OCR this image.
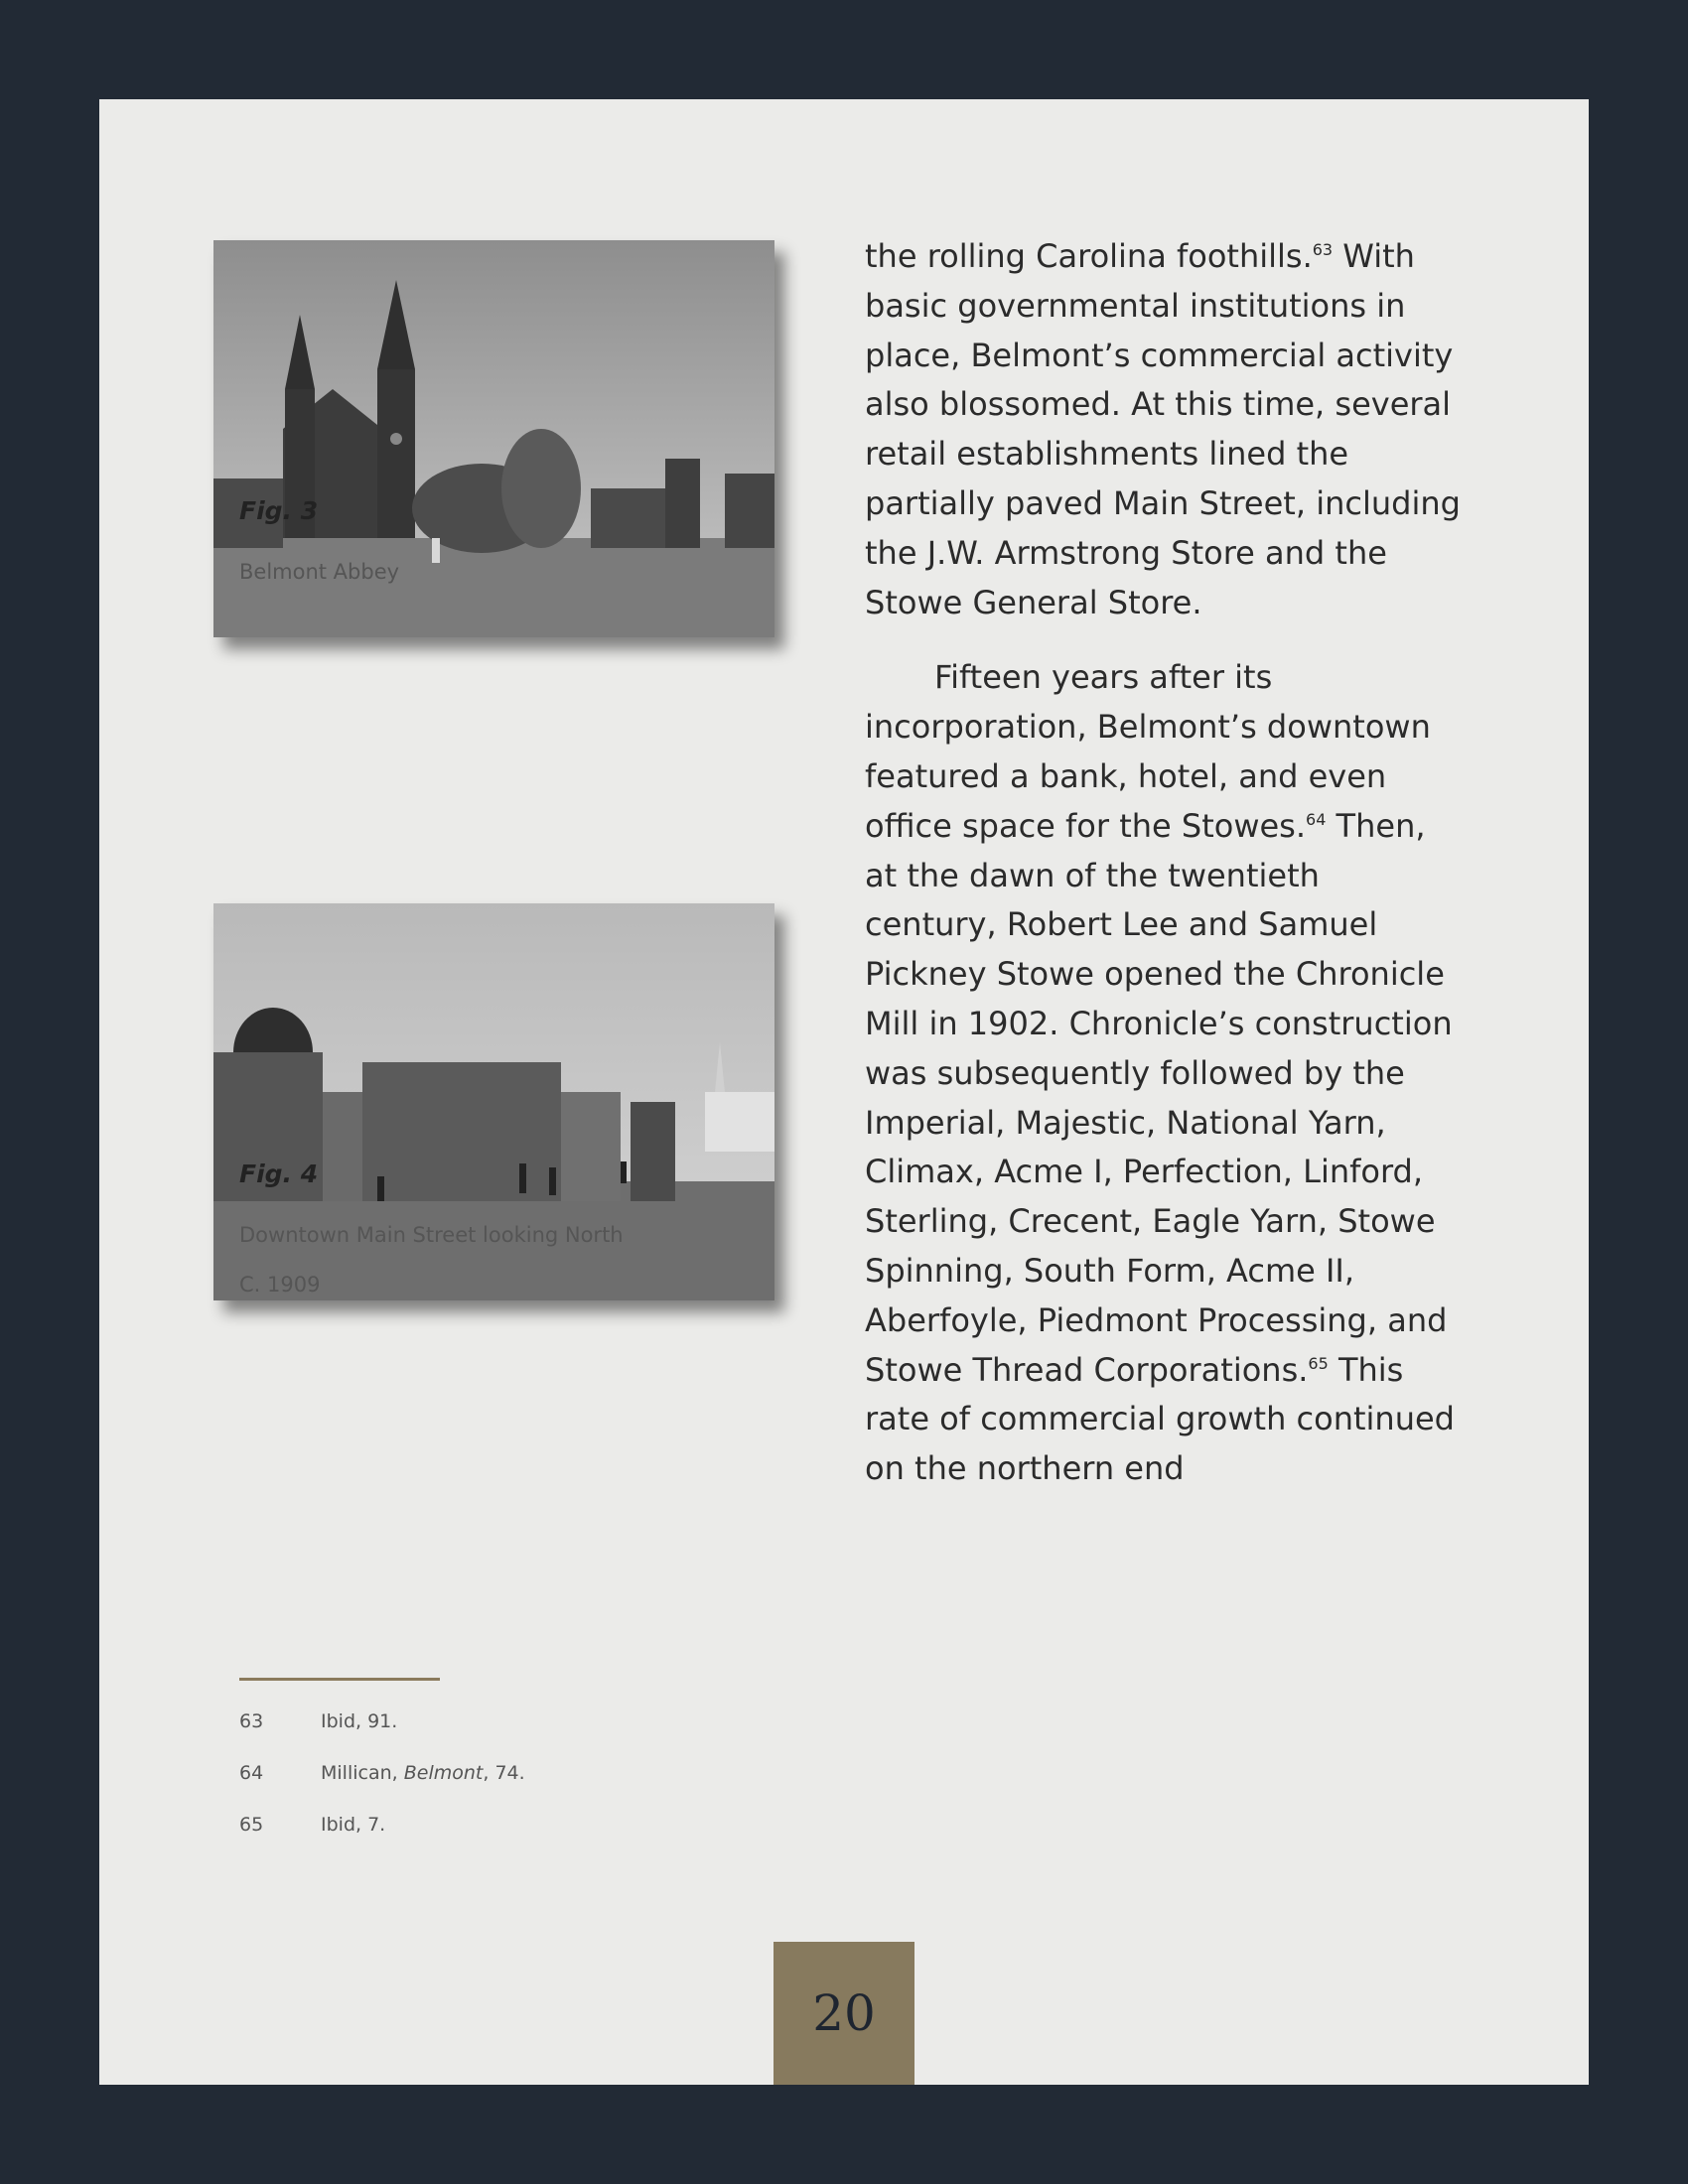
Fig. 3

Belmont Abbey

Fig. 4

Downtown Main Street looking North

C. 1909

the rolling Carolina foothills.$^{63}$ With basic governmental institutions in place, Belmont’s commercial activity also blossomed. At this time, several retail establishments lined the partially paved Main Street, including the J.W. Armstrong Store and the Stowe General Store.

Fifteen years after its incorporation, Belmont’s downtown featured a bank, hotel, and even office space for the Stowes.$^{64}$ Then, at the dawn of the twentieth century, Robert Lee and Samuel Pickney Stowe opened the Chronicle Mill in 1902. Chronicle’s construction was subsequently followed by the Imperial, Majestic, National Yarn, Climax, Acme I, Perfection, Linford, Sterling, Crecent, Eagle Yarn, Stowe Spinning, South Form, Acme II, Aberfoyle, Piedmont Processing, and Stowe Thread Corporations.$^{65}$ This rate of commercial growth continued on the northern end

63	Ibid, 91.
64	Millican, Belmont, 74.
65	Ibid, 7.
20
